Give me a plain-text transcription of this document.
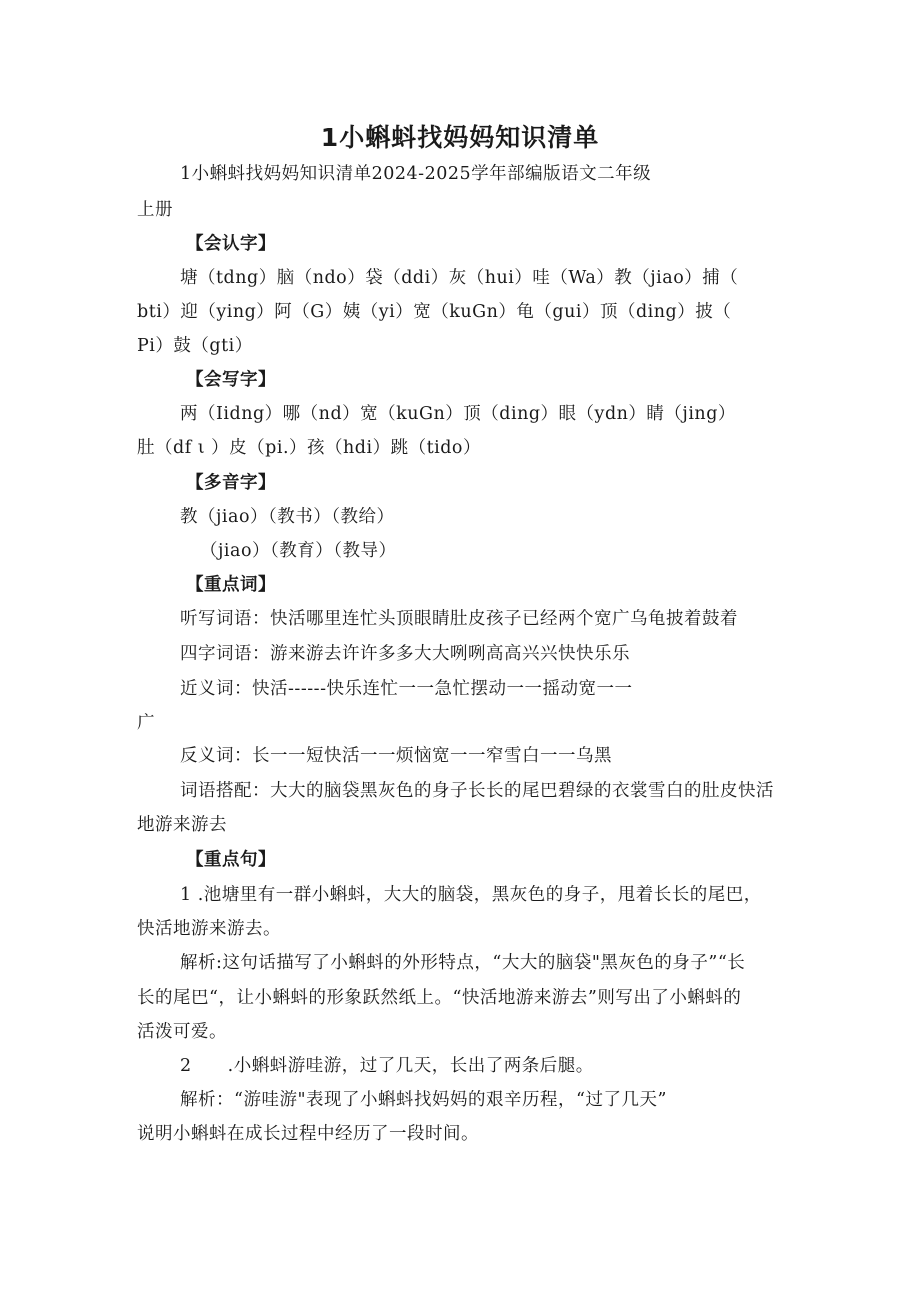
1小蝌蚪找妈妈知识清单
1小蝌蚪找妈妈知识清单2024-2025学年部编版语文二年级
上册
【会认字】
塘（tdng）脑（ndo）袋（ddi）灰（hui）哇（Wa）教（jiao）捕（
bti）迎（ying）阿（G）姨（yi）宽（kuGn）龟（gui）顶（ding）披（
Pi）鼓（gti）
【会写字】
两（Iidng）哪（nd）宽（kuGn）顶（ding）眼（ydn）睛（jing）
肚（df ι ）皮（pi.）孩（hdi）跳（tido）
【多音字】
教（jiao）（教书）（教给）
（jiao）（教育）（教导）
【重点词】
听写词语：快活哪里连忙头顶眼睛肚皮孩子已经两个宽广乌龟披着鼓着
四字词语：游来游去许许多多大大咧咧高高兴兴快快乐乐
近义词：快活------快乐连忙一一急忙摆动一一摇动宽一一
广
反义词：长一一短快活一一烦恼宽一一窄雪白一一乌黑
词语搭配：大大的脑袋黑灰色的身子长长的尾巴碧绿的衣裳雪白的肚皮快活
地游来游去
【重点句】
1 .池塘里有一群小蝌蚪，大大的脑袋，黑灰色的身子，甩着长长的尾巴，
快活地游来游去。
解析:这句话描写了小蝌蚪的外形特点，“大大的脑袋"黑灰色的身子”“长
长的尾巴“，让小蝌蚪的形象跃然纸上。“快活地游来游去”则写出了小蝌蚪的
活泼可爱。
2　　.小蝌蚪游哇游，过了几天，长出了两条后腿。
解析：“游哇游"表现了小蝌蚪找妈妈的艰辛历程，“过了几天”
说明小蝌蚪在成长过程中经历了一段时间。
